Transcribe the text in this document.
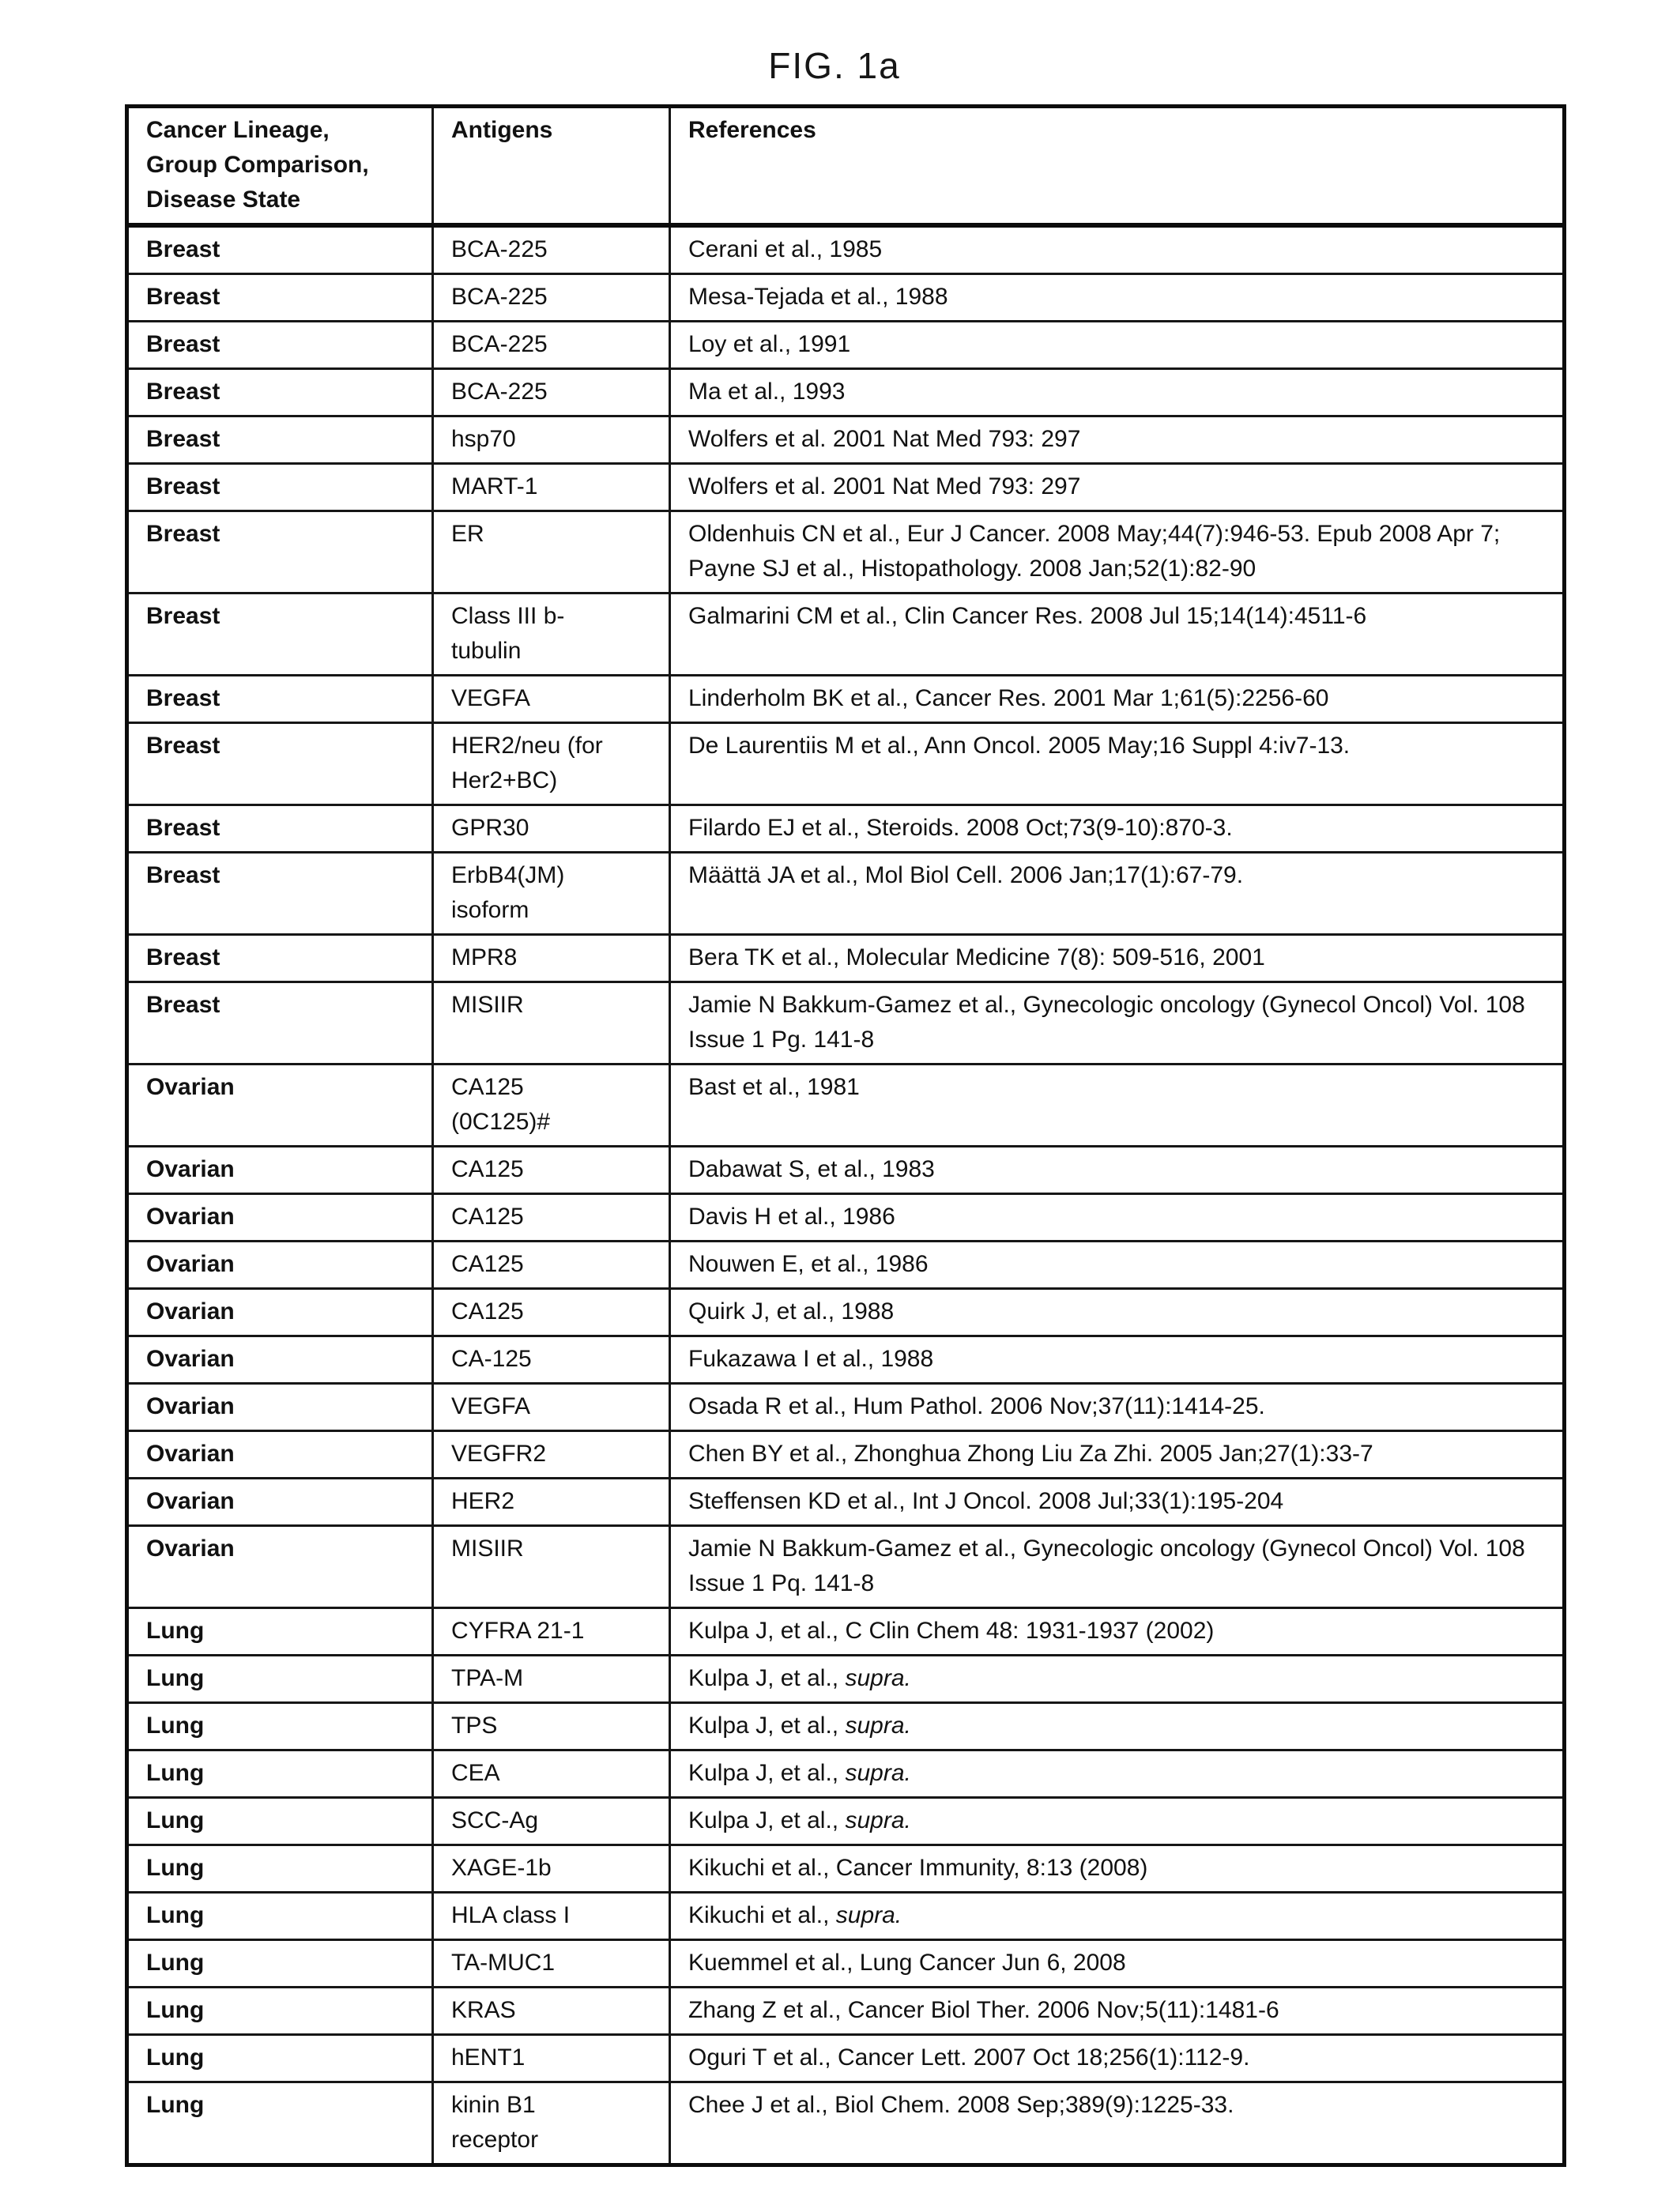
FIG. 1a
Cancer Lineage, Group Comparison, Disease State	Antigens	References
Breast	BCA-225	Cerani et al., 1985
Breast	BCA-225	Mesa-Tejada et al., 1988
Breast	BCA-225	Loy et al., 1991
Breast	BCA-225	Ma et al., 1993
Breast	hsp70	Wolfers et al. 2001 Nat Med 793: 297
Breast	MART-1	Wolfers et al. 2001 Nat Med 793: 297
Breast	ER	Oldenhuis CN et al., Eur J Cancer. 2008 May;44(7):946-53. Epub 2008 Apr 7; Payne SJ et al., Histopathology. 2008 Jan;52(1):82-90
Breast	Class III b-tubulin	Galmarini CM et al., Clin Cancer Res. 2008 Jul 15;14(14):4511-6
Breast	VEGFA	Linderholm BK et al., Cancer Res. 2001 Mar 1;61(5):2256-60
Breast	HER2/neu (for Her2+BC)	De Laurentiis M et al., Ann Oncol. 2005 May;16 Suppl 4:iv7-13.
Breast	GPR30	Filardo EJ et al., Steroids. 2008 Oct;73(9-10):870-3.
Breast	ErbB4(JM) isoform	Määttä JA et al., Mol Biol Cell. 2006 Jan;17(1):67-79.
Breast	MPR8	Bera TK et al., Molecular Medicine 7(8): 509-516, 2001
Breast	MISIIR	Jamie N Bakkum-Gamez et al., Gynecologic oncology (Gynecol Oncol) Vol. 108 Issue 1 Pg. 141-8
Ovarian	CA125 (0C125)#	Bast et al., 1981
Ovarian	CA125	Dabawat S, et al., 1983
Ovarian	CA125	Davis H et al., 1986
Ovarian	CA125	Nouwen E, et al., 1986
Ovarian	CA125	Quirk J, et al., 1988
Ovarian	CA-125	Fukazawa I et al., 1988
Ovarian	VEGFA	Osada R et al., Hum Pathol. 2006 Nov;37(11):1414-25.
Ovarian	VEGFR2	Chen BY et al., Zhonghua Zhong Liu Za Zhi. 2005 Jan;27(1):33-7
Ovarian	HER2	Steffensen KD et al., Int J Oncol. 2008 Jul;33(1):195-204
Ovarian	MISIIR	Jamie N Bakkum-Gamez et al., Gynecologic oncology (Gynecol Oncol) Vol. 108 Issue 1 Pq. 141-8
Lung	CYFRA 21-1	Kulpa J, et al., C Clin Chem 48: 1931-1937 (2002)
Lung	TPA-M	Kulpa J, et al., supra.
Lung	TPS	Kulpa J, et al., supra.
Lung	CEA	Kulpa J, et al., supra.
Lung	SCC-Ag	Kulpa J, et al., supra.
Lung	XAGE-1b	Kikuchi et al., Cancer Immunity, 8:13 (2008)
Lung	HLA class I	Kikuchi et al., supra.
Lung	TA-MUC1	Kuemmel et al., Lung Cancer Jun 6, 2008
Lung	KRAS	Zhang Z et al., Cancer Biol Ther. 2006 Nov;5(11):1481-6
Lung	hENT1	Oguri T et al., Cancer Lett. 2007 Oct 18;256(1):112-9.
Lung	kinin B1 receptor	Chee J et al., Biol Chem. 2008 Sep;389(9):1225-33.
